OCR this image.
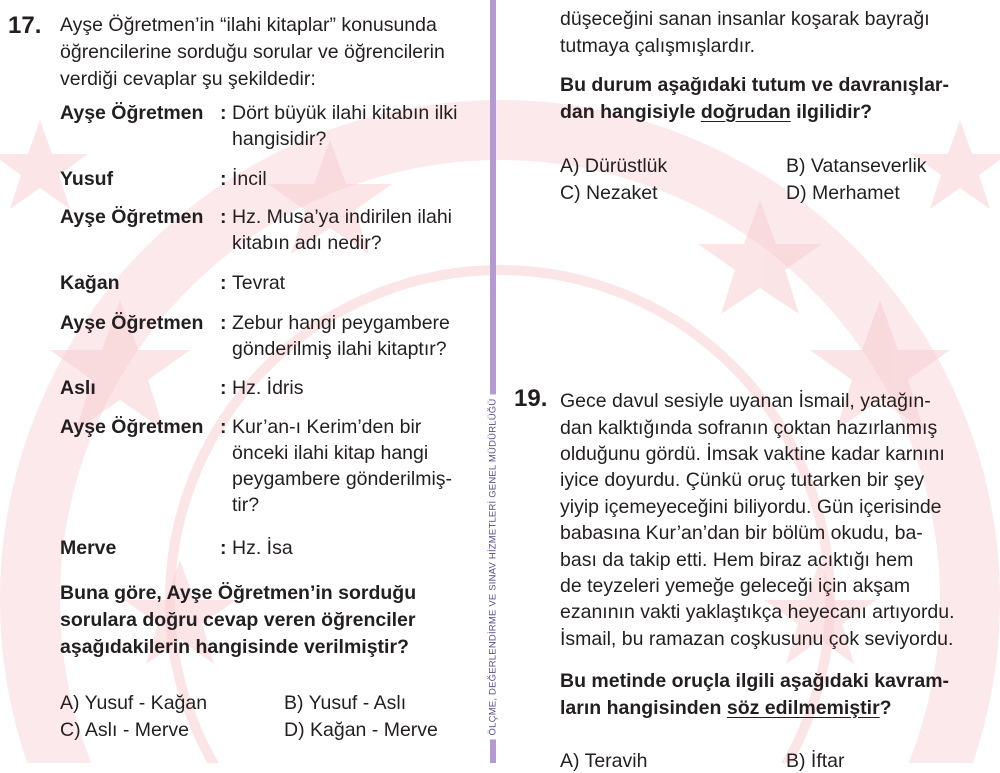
ÖLÇME, DEĞERLENDİRME VE SINAV HİZMETLERİ GENEL MÜDÜRLÜĞÜ
17. Ayşe Öğretmen’in “ilahi kitaplar” konusunda
öğrencilerine sorduğu sorular ve öğrencilerin
verdiği cevaplar şu şekildedir:
Ayşe Öğretmen : Dört büyük ilahi kitabın ilki
hangisidir?
Yusuf	: İncil
Ayşe Öğretmen : Hz. Musa’ya indirilen ilahi
kitabın adı nedir?
Kağan	: Tevrat
Ayşe Öğretmen : Zebur hangi peygambere
gönderilmiş ilahi kitaptır?
Aslı	: Hz. İdris
Ayşe Öğretmen : Kur’an-ı Kerim’den bir
önceki ilahi kitap hangi
peygambere gönderilmiş-
tir?
Merve	: Hz. İsa
Buna göre, Ayşe Öğretmen’in sorduğu
sorulara doğru cevap veren öğrenciler
aşağıdakilerin hangisinde verilmiştir?
A) Yusuf - Kağan	B) Yusuf - Aslı
C) Aslı - Merve	D) Kağan - Merve
düşeceğini sanan insanlar koşarak bayrağı
tutmaya çalışmışlardır.
Bu durum aşağıdaki tutum ve davranışlar-
dan hangisiyle doğrudan ilgilidir?
A) Dürüstlük	B) Vatanseverlik
C) Nezaket	D) Merhamet
19. Gece davul sesiyle uyanan İsmail, yatağın-
dan kalktığında sofranın çoktan hazırlanmış
olduğunu gördü. İmsak vaktine kadar karnını
iyice doyurdu. Çünkü oruç tutarken bir şey
yiyip içemeyeceğini biliyordu. Gün içerisinde
babasına Kur’an’dan bir bölüm okudu, ba-
bası da takip etti. Hem biraz acıktığı hem
de teyzeleri yemeğe geleceği için akşam
ezanının vakti yaklaştıkça heyecanı artıyordu.
İsmail, bu ramazan coşkusunu çok seviyordu.
Bu metinde oruçla ilgili aşağıdaki kavram-
ların hangisinden söz edilmemiştir?
A) Teravih	B) İftar
